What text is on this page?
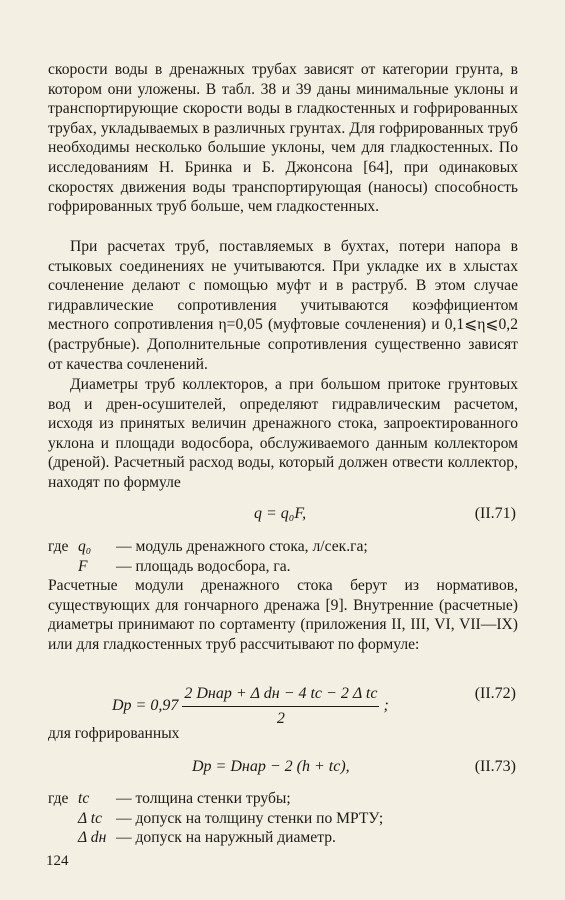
скорости воды в дренажных трубах зависят от категории грунта, в котором они уложены. В табл. 38 и 39 даны минимальные уклоны и транспортирующие скорости воды в гладкостенных и гофрированных трубах, укладываемых в различных грунтах. Для гофрированных труб необходимы несколько большие уклоны, чем для гладкостенных. По исследованиям Н. Бринка и Б. Джонсона [64], при одинаковых скоростях движения воды транспортирующая (наносы) способность гофрированных труб больше, чем гладкостенных.

При расчетах труб, поставляемых в бухтах, потери напора в стыковых соединениях не учитываются. При укладке их в хлыстах сочленение делают с помощью муфт и в раструб. В этом случае гидравлические сопротивления учитываются коэффициентом местного сопротивления η=0,05 (муфтовые сочленения) и 0,1⩽η⩽0,2 (раструбные). Дополнительные сопротивления существенно зависят от качества сочленений.

Диаметры труб коллекторов, а при большом притоке грунтовых вод и дрен-осушителей, определяют гидравлическим расчетом, исходя из принятых величин дренажного стока, запроектированного уклона и площади водосбора, обслуживаемого данным коллектором (дреной). Расчетный расход воды, который должен отвести коллектор, находят по формуле

q = q₀F,	(II.71)
где q₀	— модуль дренажного стока, л/сек.га;
F	— площадь водосбора, га.

Расчетные модули дренажного стока берут из нормативов, существующих для гончарного дренажа [9]. Внутренние (расчетные) диаметры принимают по сортаменту (приложения II, III, VI, VII—IX) или для гладкостенных труб рассчитывают по формуле:

Dр = $0,97 \frac{\text{2 Dнар + Δ dн − 4 tс − 2 Δ tс}}{2}$ ;
(II.72)

для гофрированных

Dр = Dнар − 2 (h + tс),	(II.73)
где tс	— толщина стенки трубы;
Δ tс — допуск на толщину стенки по МРТУ;
Δ dн — допуск на наружный диаметр.
124
